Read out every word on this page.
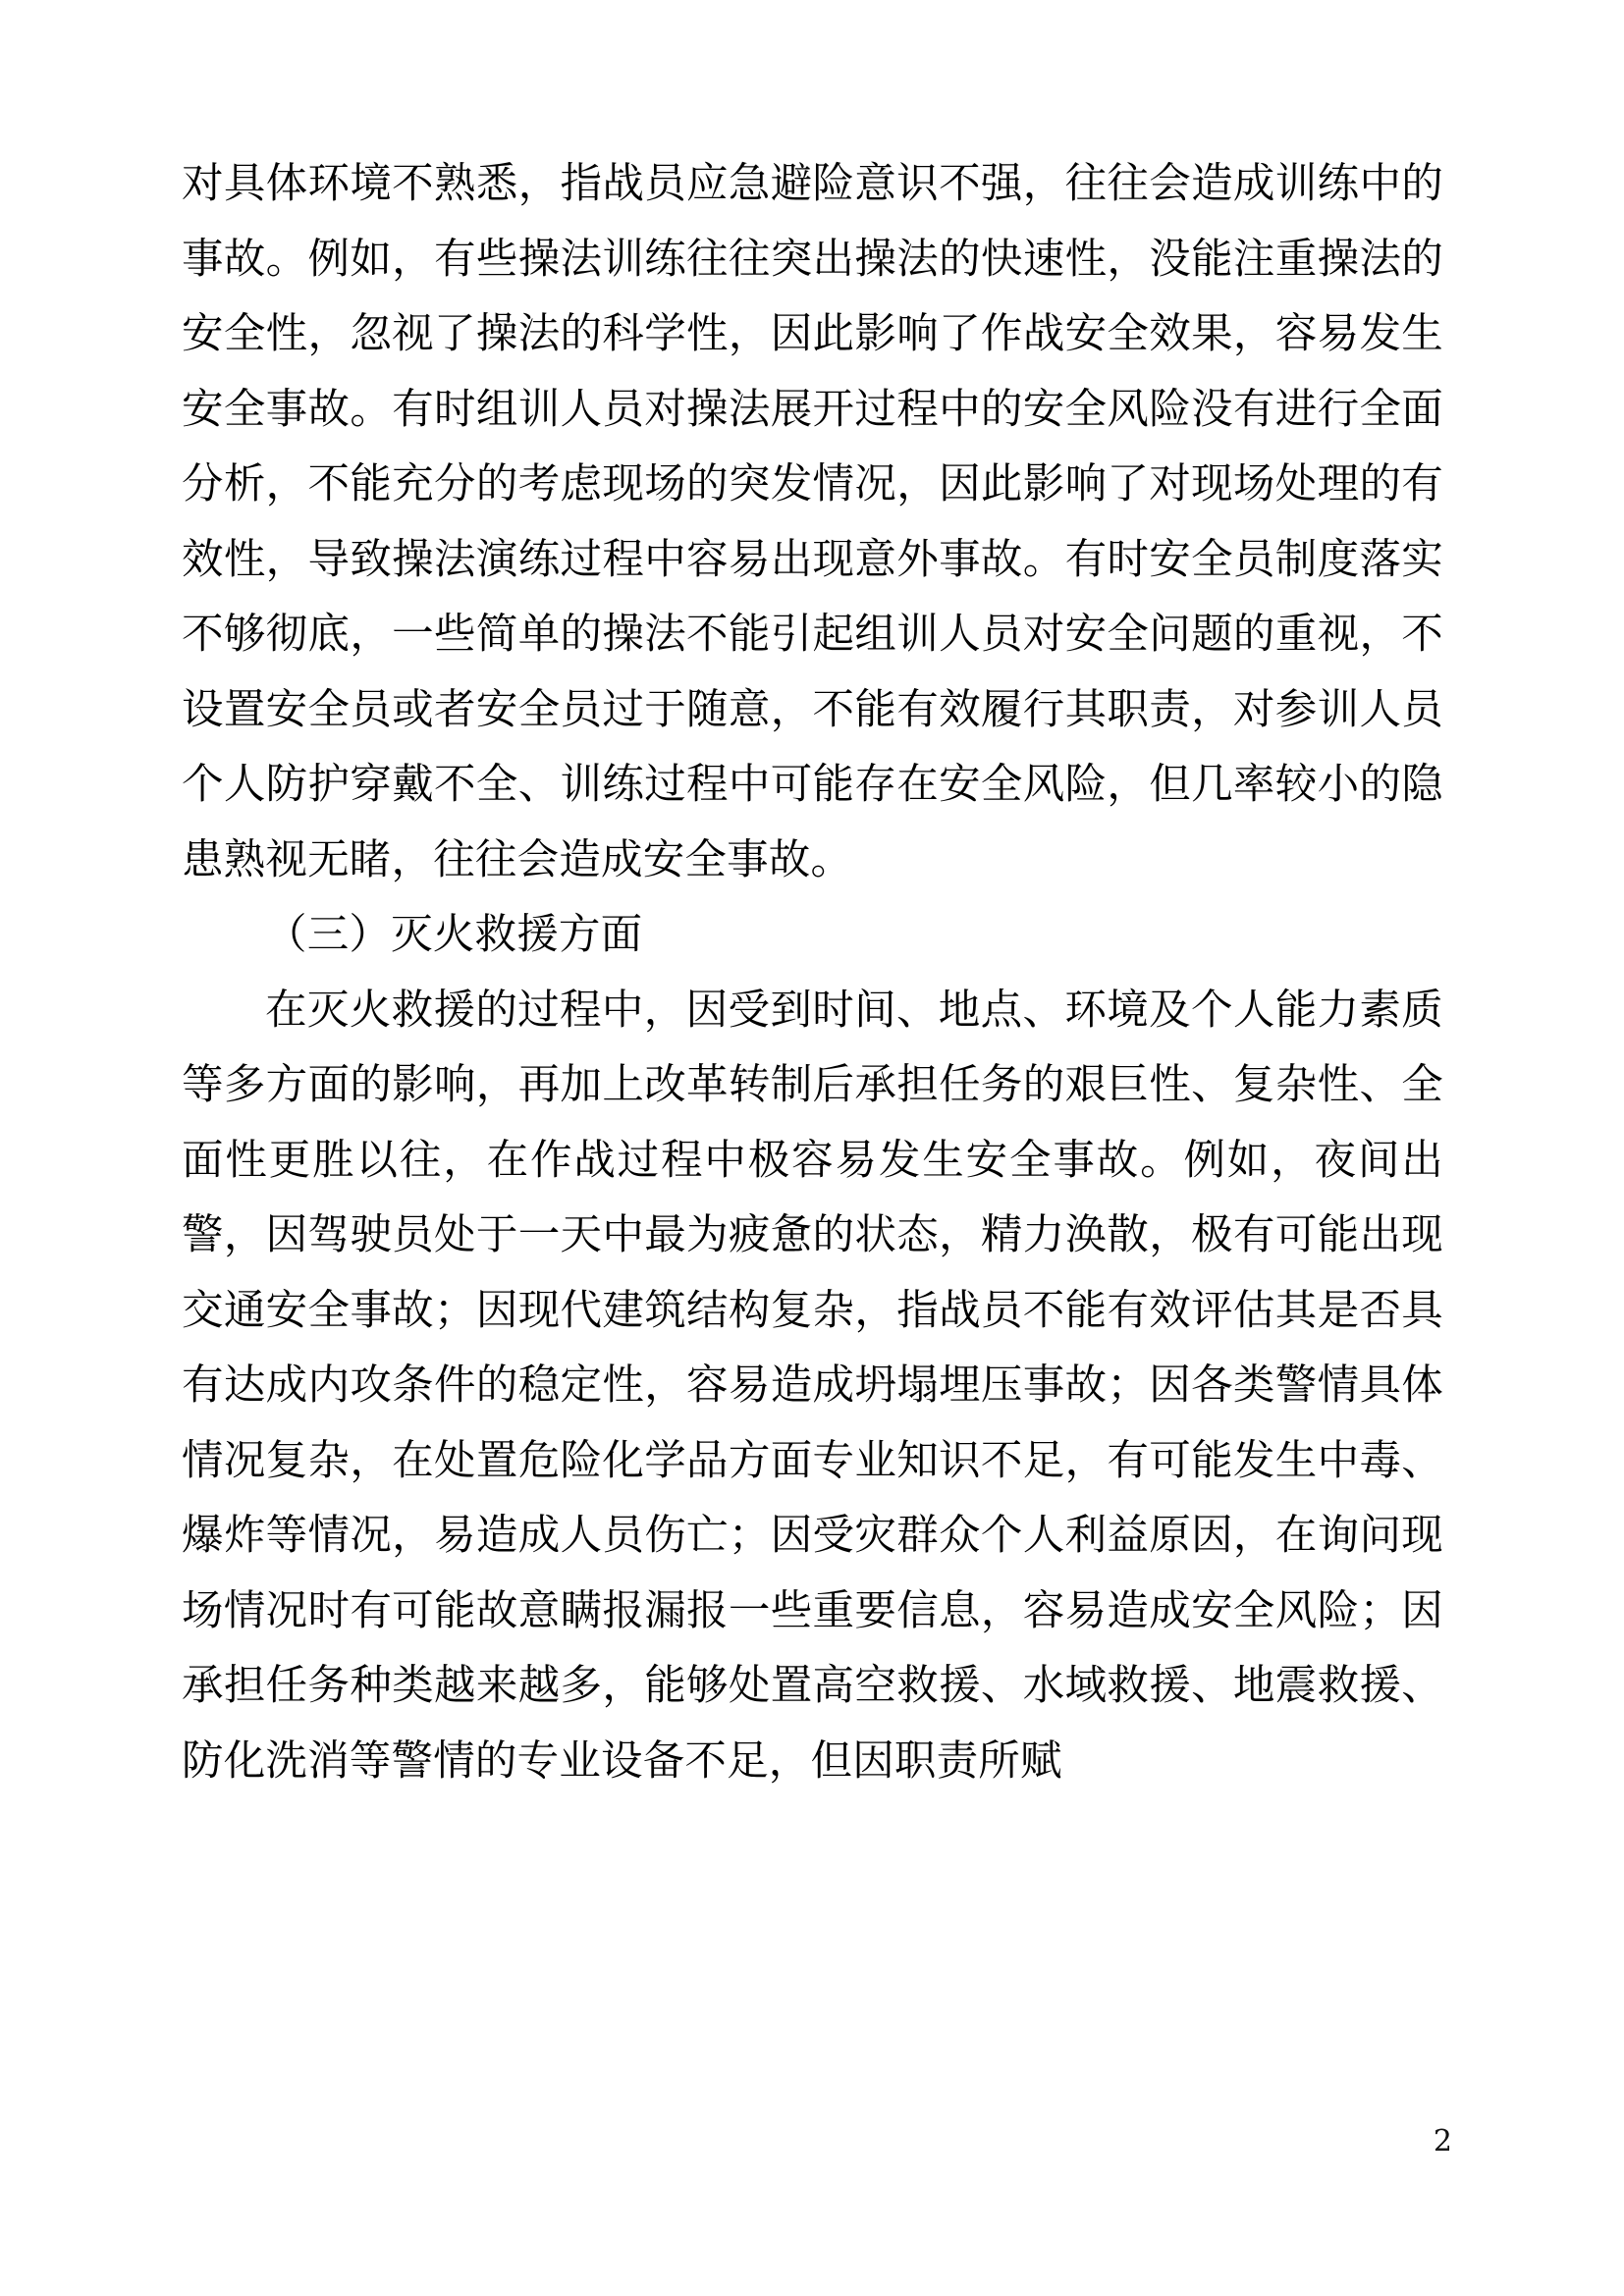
对具体环境不熟悉，指战员应急避险意识不强，往往会造成训练中的事故。例如，有些操法训练往往突出操法的快速性，没能注重操法的安全性，忽视了操法的科学性，因此影响了作战安全效果，容易发生安全事故。有时组训人员对操法展开过程中的安全风险没有进行全面分析，不能充分的考虑现场的突发情况，因此影响了对现场处理的有效性，导致操法演练过程中容易出现意外事故。有时安全员制度落实不够彻底，一些简单的操法不能引起组训人员对安全问题的重视，不设置安全员或者安全员过于随意，不能有效履行其职责，对参训人员个人防护穿戴不全、训练过程中可能存在安全风险，但几率较小的隐患熟视无睹，往往会造成安全事故。

（三）灭火救援方面

在灭火救援的过程中，因受到时间、地点、环境及个人能力素质等多方面的影响，再加上改革转制后承担任务的艰巨性、复杂性、全面性更胜以往，在作战过程中极容易发生安全事故。例如，夜间出警，因驾驶员处于一天中最为疲惫的状态，精力涣散，极有可能出现交通安全事故；因现代建筑结构复杂，指战员不能有效评估其是否具有达成内攻条件的稳定性，容易造成坍塌埋压事故；因各类警情具体情况复杂，在处置危险化学品方面专业知识不足，有可能发生中毒、爆炸等情况，易造成人员伤亡；因受灾群众个人利益原因，在询问现场情况时有可能故意瞒报漏报一些重要信息，容易造成安全风险；因承担任务种类越来越多，能够处置高空救援、水域救援、地震救援、防化洗消等警情的专业设备不足，但因职责所赋

2
